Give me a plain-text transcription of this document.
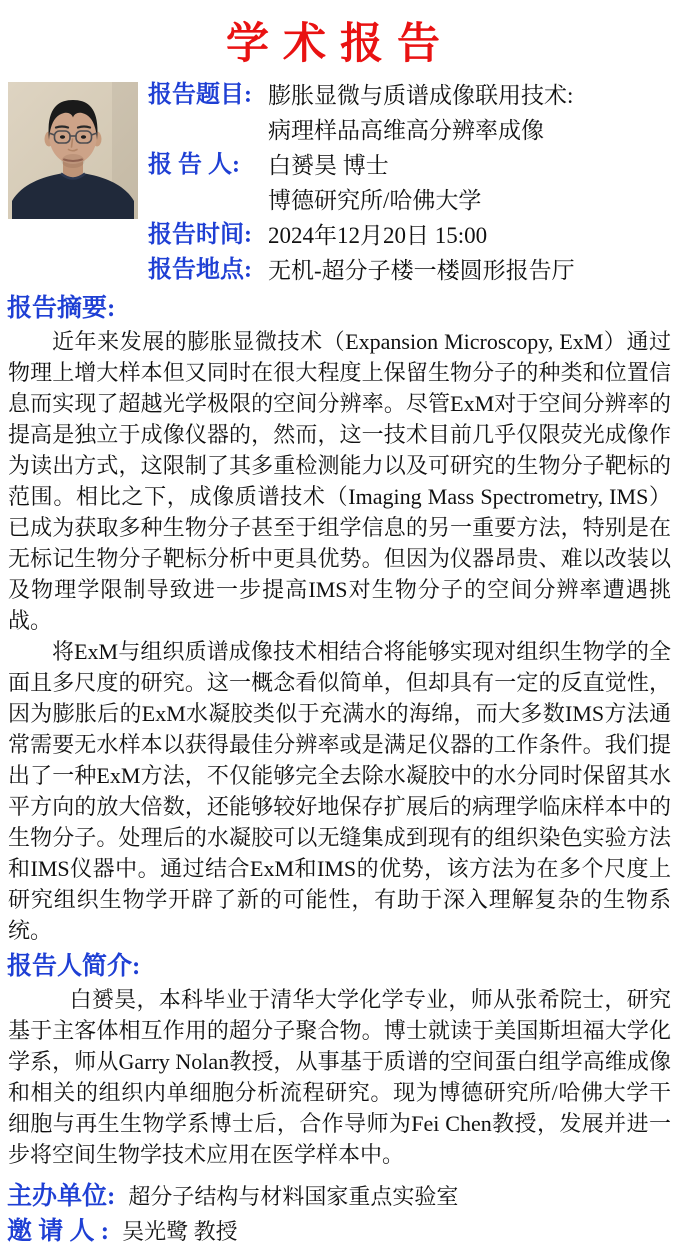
学术报告
报告题目: 膨胀显微与质谱成像联用技术:
病理样品高维高分辨率成像
报 告 人:	白赟昊 博士
博德研究所/哈佛大学
报告时间: 2024年12月20日 15:00
报告地点: 无机-超分子楼一楼圆形报告厅
报告摘要:

近年来发展的膨胀显微技术（Expansion Microscopy, ExM）通过物理上增大样本但又同时在很大程度上保留生物分子的种类和位置信息而实现了超越光学极限的空间分辨率。尽管ExM对于空间分辨率的提高是独立于成像仪器的，然而，这一技术目前几乎仅限荧光成像作为读出方式，这限制了其多重检测能力以及可研究的生物分子靶标的范围。相比之下，成像质谱技术（Imaging Mass Spectrometry, IMS）已成为获取多种生物分子甚至于组学信息的另一重要方法，特别是在无标记生物分子靶标分析中更具优势。但因为仪器昂贵、难以改装以及物理学限制导致进一步提高IMS对生物分子的空间分辨率遭遇挑战。

将ExM与组织质谱成像技术相结合将能够实现对组织生物学的全面且多尺度的研究。这一概念看似简单，但却具有一定的反直觉性，因为膨胀后的ExM水凝胶类似于充满水的海绵，而大多数IMS方法通常需要无水样本以获得最佳分辨率或是满足仪器的工作条件。我们提出了一种ExM方法，不仅能够完全去除水凝胶中的水分同时保留其水平方向的放大倍数，还能够较好地保存扩展后的病理学临床样本中的生物分子。处理后的水凝胶可以无缝集成到现有的组织染色实验方法和IMS仪器中。通过结合ExM和IMS的优势，该方法为在多个尺度上研究组织生物学开辟了新的可能性，有助于深入理解复杂的生物系统。

报告人简介:

白赟昊，本科毕业于清华大学化学专业，师从张希院士，研究基于主客体相互作用的超分子聚合物。博士就读于美国斯坦福大学化学系，师从Garry Nolan教授，从事基于质谱的空间蛋白组学高维成像和相关的组织内单细胞分析流程研究。现为博德研究所/哈佛大学干细胞与再生生物学系博士后，合作导师为Fei Chen教授，发展并进一步将空间生物学技术应用在医学样本中。

主办单位: 超分子结构与材料国家重点实验室
邀 请 人 : 吴光鹭 教授
